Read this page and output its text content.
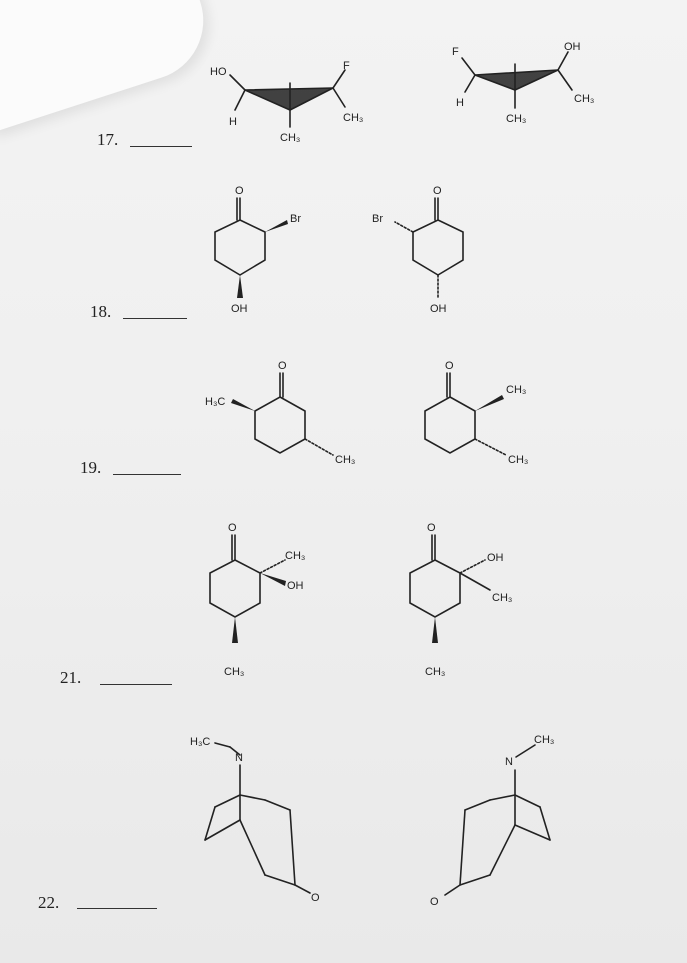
17.
18.
19.
21.
22.
HO
H
CH₃
F
CH₃
F
H
CH₃
OH
CH₃
O
Br
OH
O
Br
OH
O
H₃C
CH₃
O
CH₃
CH₃
O
CH₃
OH
CH₃
O
OH
CH₃
CH₃
H₃C
N
O
N
CH₃
O
